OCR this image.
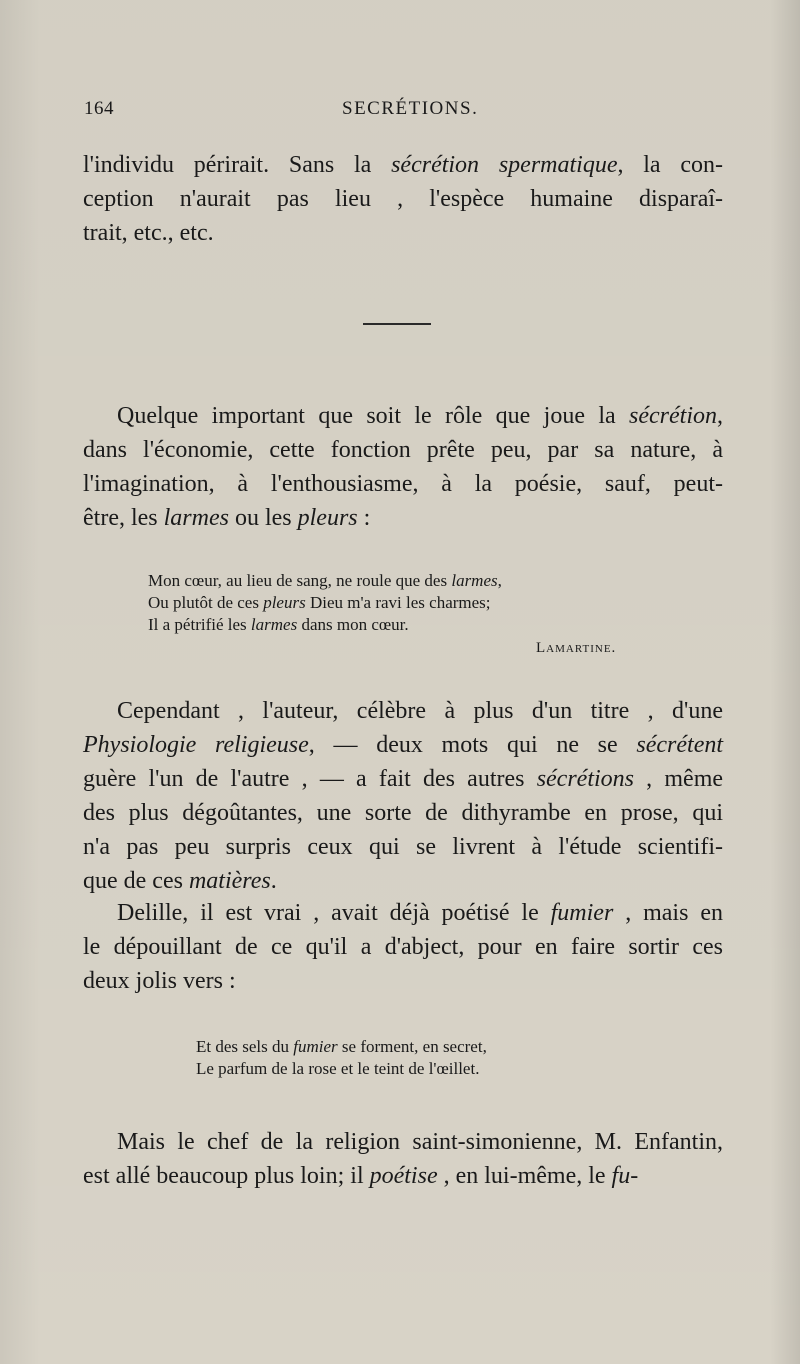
164	SECRÉTIONS.
l'individu périrait. Sans la sécrétion spermatique, la con-
ception n'aurait pas lieu , l'espèce humaine disparaî-
trait, etc., etc.
Quelque important que soit le rôle que joue la sécrétion,
dans l'économie, cette fonction prête peu, par sa nature, à
l'imagination, à l'enthousiasme, à la poésie, sauf, peut-
être, les larmes ou les pleurs :
Mon cœur, au lieu de sang, ne roule que des larmes,
Ou plutôt de ces pleurs Dieu m'a ravi les charmes;
Il a pétrifié les larmes dans mon cœur.
Lamartine.
Cependant , l'auteur, célèbre à plus d'un titre , d'une
Physiologie religieuse, — deux mots qui ne se sécrétent
guère l'un de l'autre , — a fait des autres sécrétions , même
des plus dégoûtantes, une sorte de dithyrambe en prose, qui
n'a pas peu surpris ceux qui se livrent à l'étude scientifi-
que de ces matières.
Delille, il est vrai , avait déjà poétisé le fumier , mais en
le dépouillant de ce qu'il a d'abject, pour en faire sortir ces
deux jolis vers :
Et des sels du fumier se forment, en secret,
Le parfum de la rose et le teint de l'œillet.
Mais le chef de la religion saint-simonienne, M. Enfantin,
est allé beaucoup plus loin; il poétise , en lui-même, le fu-
